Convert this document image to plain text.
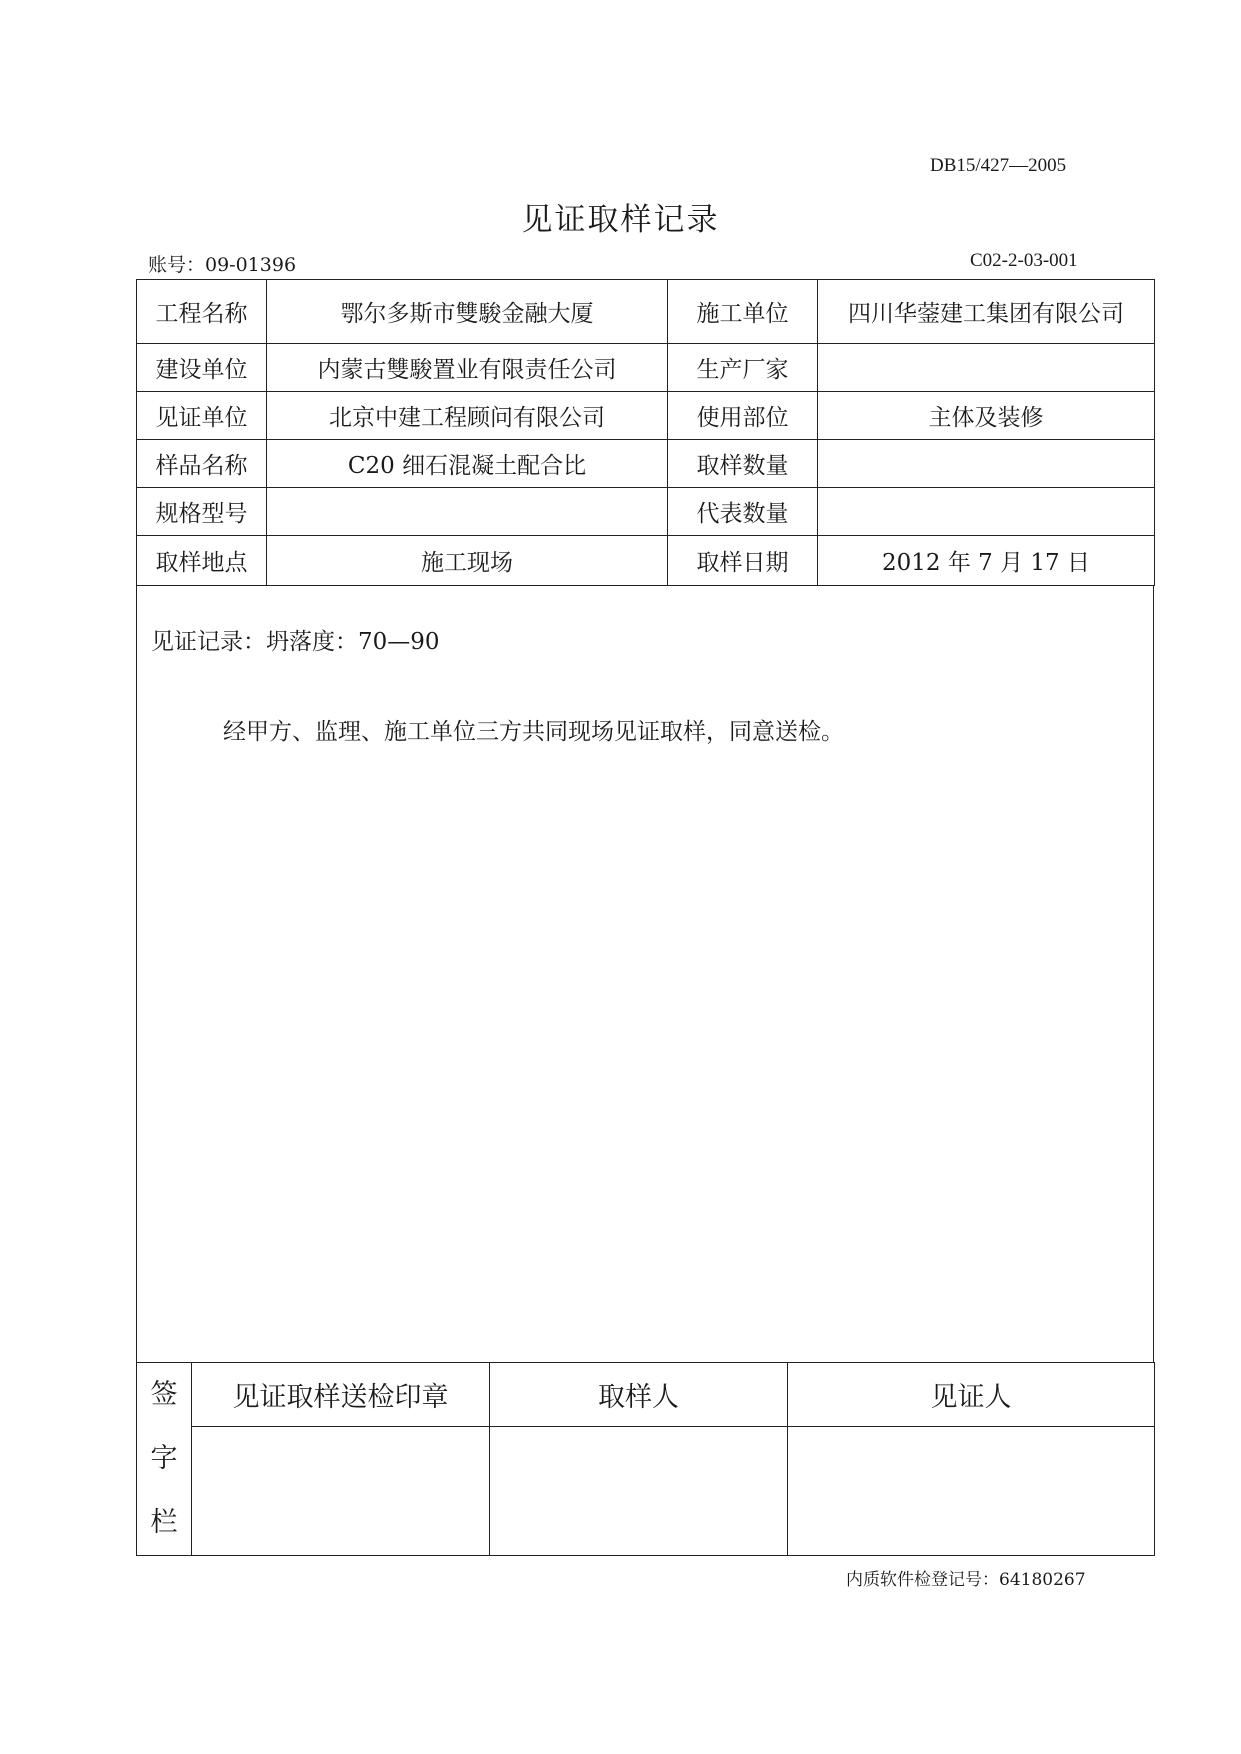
DB15/427—2005
见证取样记录
账号：09-01396	C02-2-03-001
工程名称	鄂尔多斯市雙駿金融大厦	施工单位	四川华蓥建工集团有限公司
建设单位	内蒙古雙駿置业有限责任公司	生产厂家	
见证单位	北京中建工程顾问有限公司	使用部位	主体及装修
样品名称	C20 细石混凝土配合比	取样数量	
规格型号		代表数量	
取样地点	施工现场	取样日期	2012 年 7 月 17 日
见证记录：坍落度：70—90
经甲方、监理、施工单位三方共同现场见证取样，同意送检。
签
字
栏	见证取样送检印章	取样人	见证人

内质软件检登记号：64180267
